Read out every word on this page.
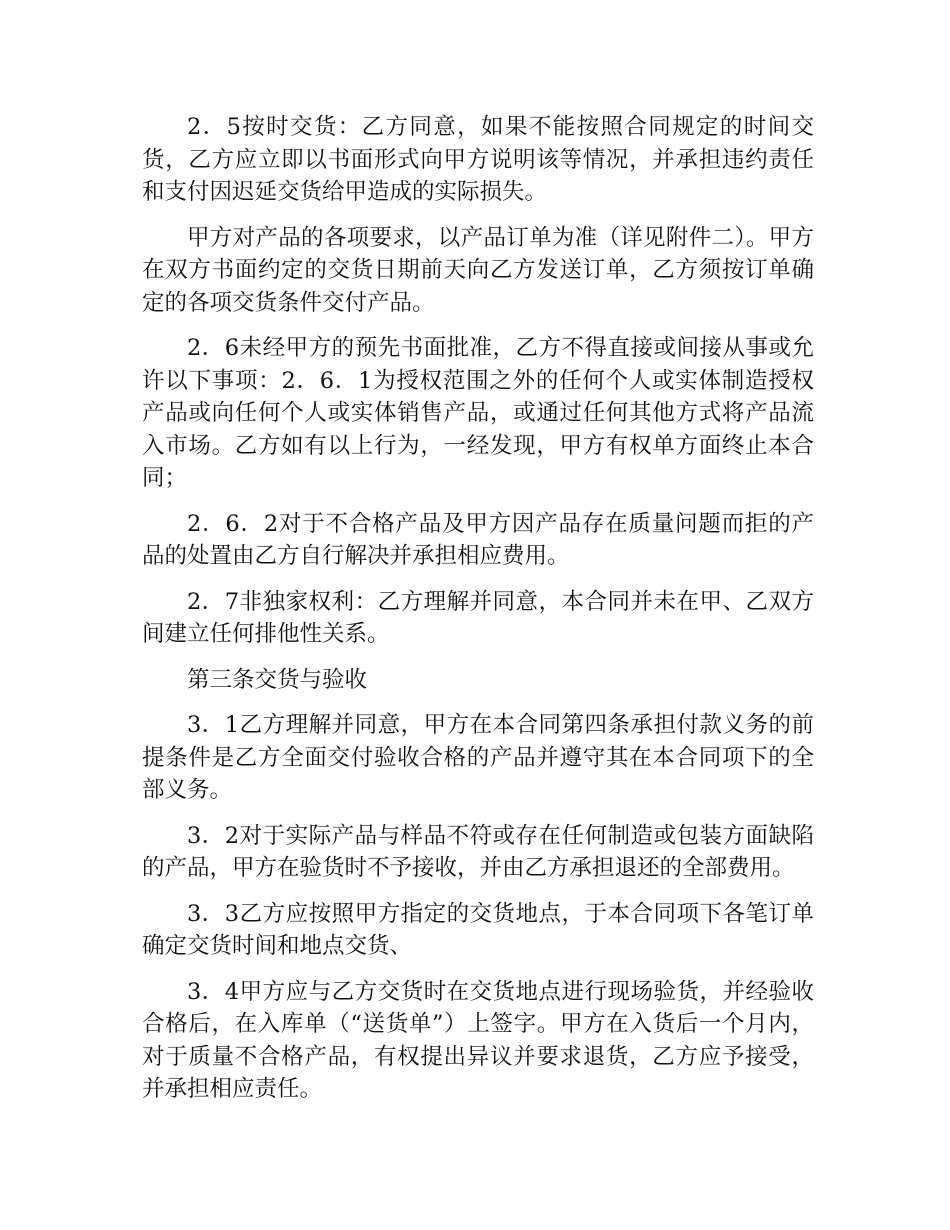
2．5按时交货：乙方同意，如果不能按照合同规定的时间交货，乙方应立即以书面形式向甲方说明该等情况，并承担违约责任和支付因迟延交货给甲造成的实际损失。

甲方对产品的各项要求，以产品订单为准（详见附件二）。甲方在双方书面约定的交货日期前天向乙方发送订单，乙方须按订单确定的各项交货条件交付产品。

2．6未经甲方的预先书面批准，乙方不得直接或间接从事或允许以下事项：2．6．1为授权范围之外的任何个人或实体制造授权产品或向任何个人或实体销售产品，或通过任何其他方式将产品流入市场。乙方如有以上行为，一经发现，甲方有权单方面终止本合同；

2．6．2对于不合格产品及甲方因产品存在质量问题而拒的产品的处置由乙方自行解决并承担相应费用。

2．7非独家权利：乙方理解并同意，本合同并未在甲、乙双方间建立任何排他性关系。

第三条交货与验收

3．1乙方理解并同意，甲方在本合同第四条承担付款义务的前提条件是乙方全面交付验收合格的产品并遵守其在本合同项下的全部义务。

3．2对于实际产品与样品不符或存在任何制造或包装方面缺陷的产品，甲方在验货时不予接收，并由乙方承担退还的全部费用。

3．3乙方应按照甲方指定的交货地点，于本合同项下各笔订单确定交货时间和地点交货、

3．4甲方应与乙方交货时在交货地点进行现场验货，并经验收合格后，在入库单（“送货单”）上签字。甲方在入货后一个月内，对于质量不合格产品，有权提出异议并要求退货，乙方应予接受，并承担相应责任。
